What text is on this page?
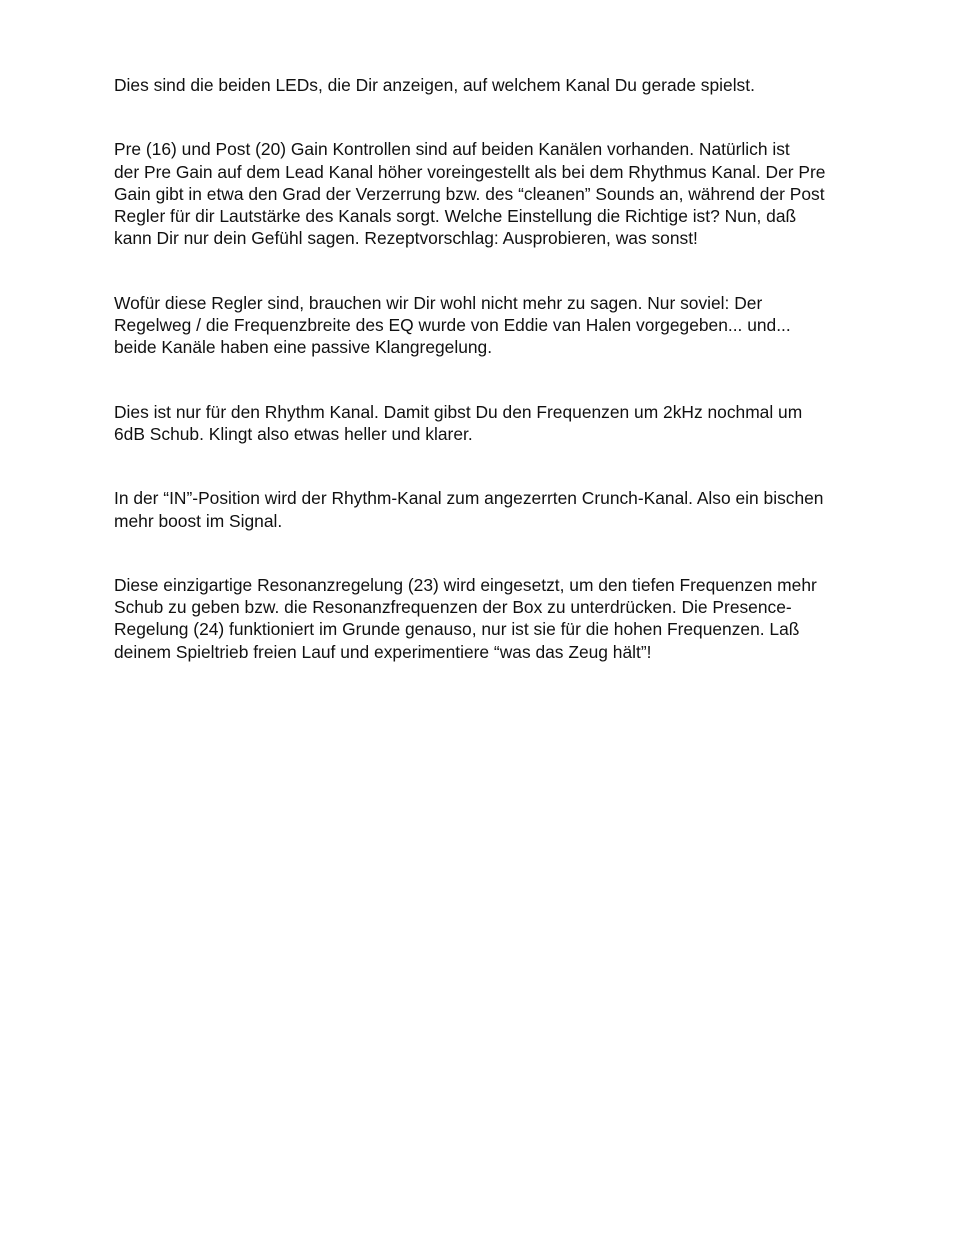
Dies sind die beiden LEDs, die Dir anzeigen, auf welchem Kanal Du gerade spielst.

Pre (16) und Post (20) Gain Kontrollen sind auf beiden Kanälen vorhanden. Natürlich ist
der Pre Gain auf dem Lead Kanal höher voreingestellt als bei dem Rhythmus Kanal. Der Pre
Gain gibt in etwa den Grad der Verzerrung bzw. des “cleanen” Sounds an, während der Post
Regler für dir Lautstärke des Kanals sorgt. Welche Einstellung die Richtige ist? Nun, daß
kann Dir nur dein Gefühl sagen. Rezeptvorschlag: Ausprobieren, was sonst!

Wofür diese Regler sind, brauchen wir Dir wohl nicht mehr zu sagen. Nur soviel: Der
Regelweg / die Frequenzbreite des EQ wurde von Eddie van Halen vorgegeben... und...
beide Kanäle haben eine passive Klangregelung.

Dies ist nur für den Rhythm Kanal. Damit gibst Du den Frequenzen um 2kHz nochmal um
6dB Schub. Klingt also etwas heller und klarer.

In der “IN”-Position wird der Rhythm-Kanal zum angezerrten Crunch-Kanal. Also ein bischen
mehr boost im Signal.

Diese einzigartige Resonanzregelung (23) wird eingesetzt, um den tiefen Frequenzen mehr
Schub zu geben bzw. die Resonanzfrequenzen der Box zu unterdrücken. Die Presence-
Regelung (24) funktioniert im Grunde genauso, nur ist sie für die hohen Frequenzen. Laß
deinem Spieltrieb freien Lauf und experimentiere “was das Zeug hält”!
